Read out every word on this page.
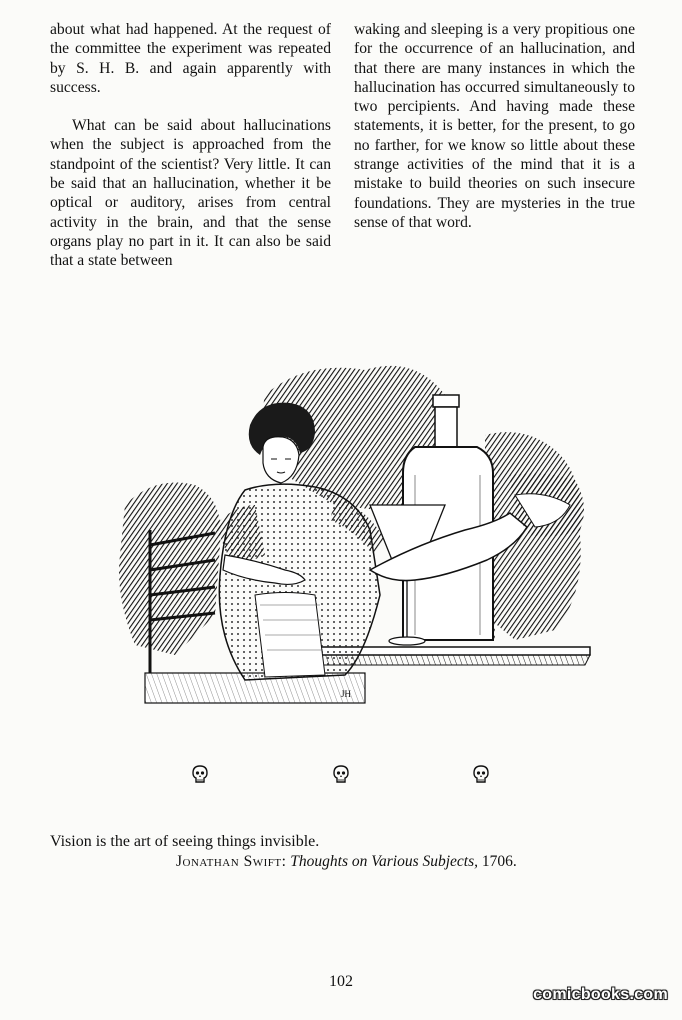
about what had happened. At the request of the committee the experiment was repeated by S. H. B. and again apparently with success.

What can be said about hallucinations when the subject is approached from the standpoint of the scientist? Very little. It can be said that an hallucination, whether it be optical or auditory, arises from central activity in the brain, and that the sense organs play no part in it. It can also be said that a state between

waking and sleeping is a very propitious one for the occurrence of an hallucination, and that there are many instances in which the hallucination has occurred simultaneously to two percipients. And having made these statements, it is better, for the present, to go no farther, for we know so little about these strange activities of the mind that it is a mistake to build theories on such insecure foundations. They are mysteries in the true sense of that word.

JH
Vision is the art of seeing things invisible.
Jonathan Swift: Thoughts on Various Subjects, 1706.
102
comicbooks.com
